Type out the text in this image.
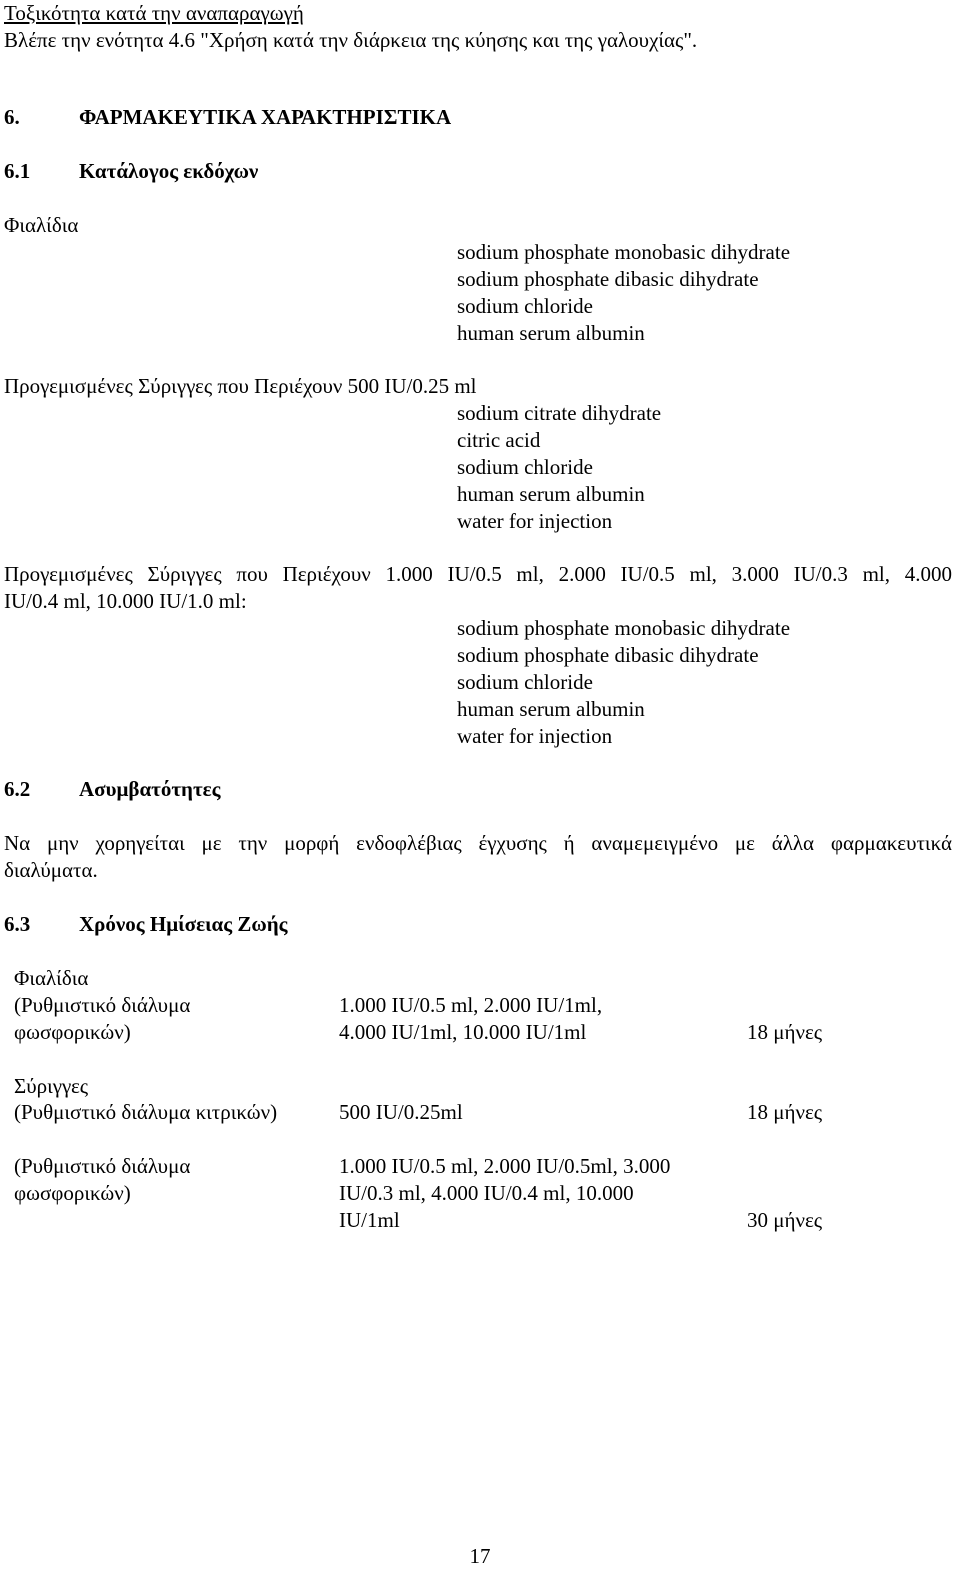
Τοξικότητα κατά την αναπαραγωγή
Βλέπε την ενότητα 4.6 "Χρήση κατά την διάρκεια της κύησης και της γαλουχίας".
6.	ΦΑΡΜΑΚΕΥΤΙΚΑ ΧΑΡΑΚΤΗΡΙΣΤΙΚΑ
6.1 Κατάλογος εκδόχων
Φιαλίδια
sodium phosphate monobasic dihydrate
sodium phosphate dibasic dihydrate
sodium chloride
human serum albumin
Προγεμισμένες Σύριγγες που Περιέχουν 500 IU/0.25 ml
sodium citrate dihydrate
citric acid
sodium chloride
human serum albumin
water for injection
Προγεμισμένες Σύριγγες που Περιέχουν 1.000 IU/0.5 ml, 2.000 IU/0.5 ml, 3.000 IU/0.3 ml, 4.000
IU/0.4 ml, 10.000 IU/1.0 ml:
sodium phosphate monobasic dihydrate
sodium phosphate dibasic dihydrate
sodium chloride
human serum albumin
water for injection
6.2 Ασυμβατότητες
Να μην χορηγείται με την μορφή ενδοφλέβιας έγχυσης ή αναμεμειγμένο με άλλα φαρμακευτικά
διαλύματα.
6.3 Χρόνος Ημίσειας Ζωής
Φιαλίδια
(Ρυθμιστικό διάλυμα
φωσφορικών)
1.000 IU/0.5 ml, 2.000 IU/1ml,
4.000 IU/1ml, 10.000 IU/1ml	18 μήνες
Σύριγγες
(Ρυθμιστικό διάλυμα κιτρικών)	500 IU/0.25ml	18 μήνες
(Ρυθμιστικό διάλυμα
φωσφορικών)
1.000 IU/0.5 ml, 2.000 IU/0.5ml, 3.000
IU/0.3 ml, 4.000 IU/0.4 ml, 10.000
IU/1ml	30 μήνες
17
